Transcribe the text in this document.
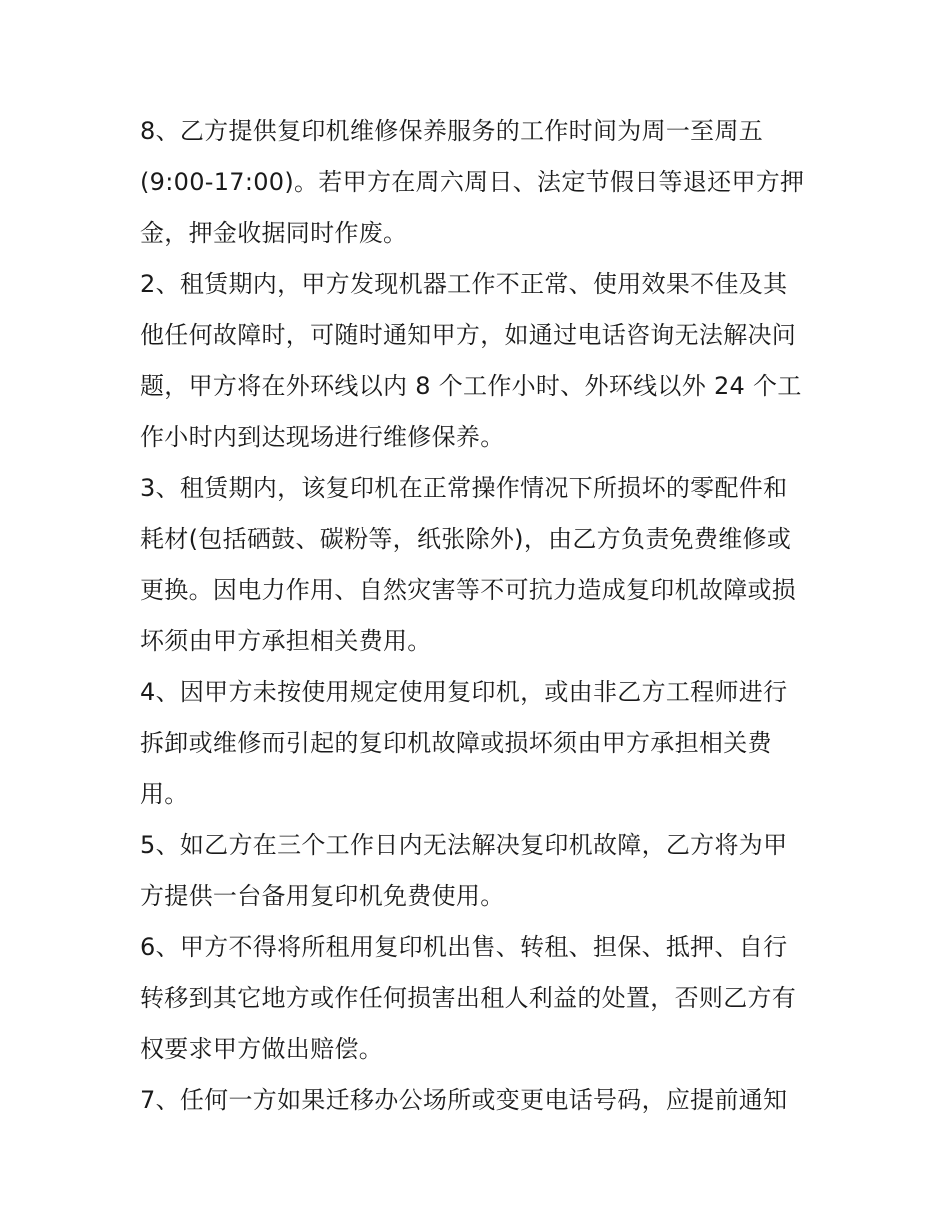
8、乙方提供复印机维修保养服务的工作时间为周一至周五
(9:00-17:00)。若甲方在周六周日、法定节假日等退还甲方押
金，押金收据同时作废。
2、租赁期内，甲方发现机器工作不正常、使用效果不佳及其
他任何故障时，可随时通知甲方，如通过电话咨询无法解决问
题，甲方将在外环线以内 8 个工作小时、外环线以外 24 个工
作小时内到达现场进行维修保养。
3、租赁期内，该复印机在正常操作情况下所损坏的零配件和
耗材(包括硒鼓、碳粉等，纸张除外)，由乙方负责免费维修或
更换。因电力作用、自然灾害等不可抗力造成复印机故障或损
坏须由甲方承担相关费用。
4、因甲方未按使用规定使用复印机，或由非乙方工程师进行
拆卸或维修而引起的复印机故障或损坏须由甲方承担相关费
用。
5、如乙方在三个工作日内无法解决复印机故障，乙方将为甲
方提供一台备用复印机免费使用。
6、甲方不得将所租用复印机出售、转租、担保、抵押、自行
转移到其它地方或作任何损害出租人利益的处置，否则乙方有
权要求甲方做出赔偿。
7、任何一方如果迁移办公场所或变更电话号码，应提前通知
